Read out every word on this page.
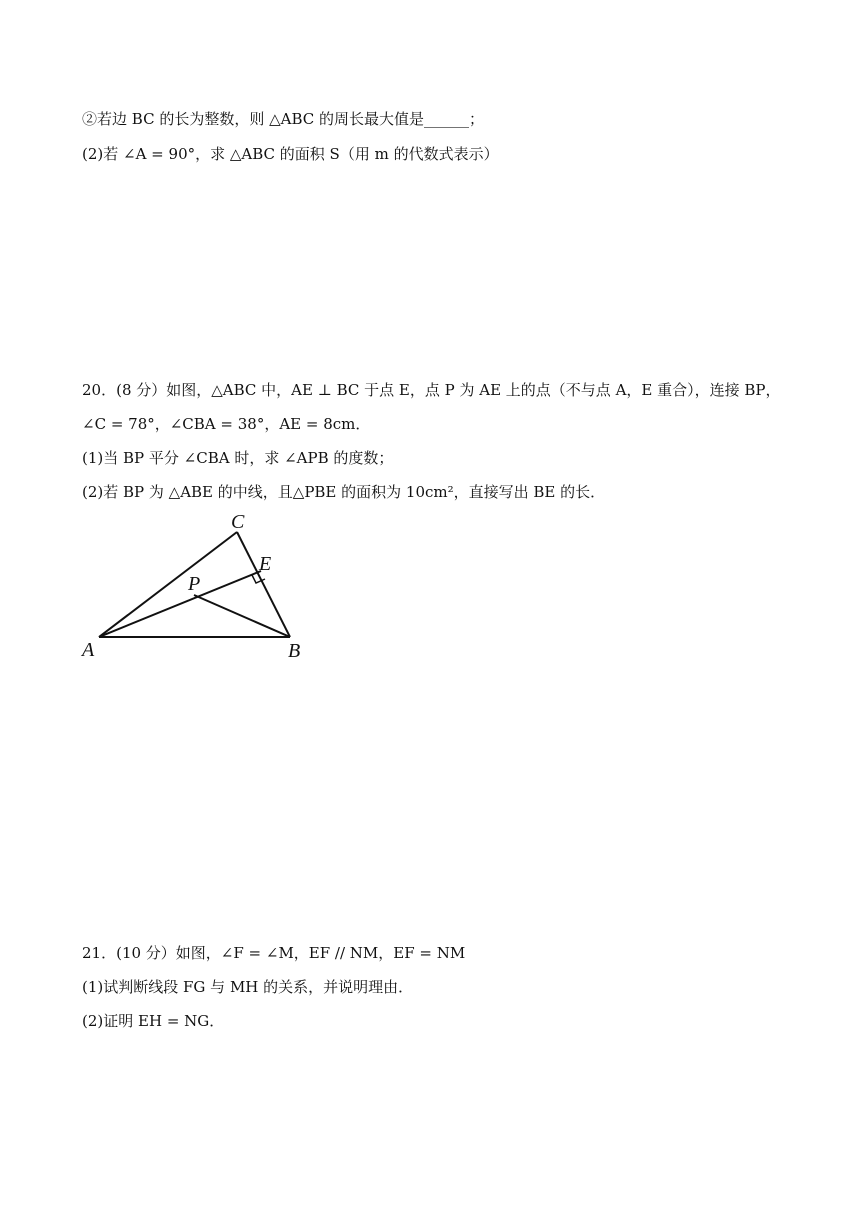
②若边 BC 的长为整数，则 △ABC 的周长最大值是______；
(2)若 ∠A = 90°，求 △ABC 的面积 S（用 m 的代数式表示）
20．(8 分）如图，△ABC 中，AE ⊥ BC 于点 E，点 P 为 AE 上的点（不与点 A，E 重合），连接 BP，
∠C = 78°，∠CBA = 38°，AE = 8cm．
(1)当 BP 平分 ∠CBA 时，求 ∠APB 的度数；
(2)若 BP 为 △ABE 的中线，且△PBE 的面积为 10cm²，直接写出 BE 的长．
C
E
P
A	B
21．(10 分）如图，∠F = ∠M，EF // NM，EF = NM
(1)试判断线段 FG 与 MH 的关系，并说明理由．
(2)证明 EH = NG．
